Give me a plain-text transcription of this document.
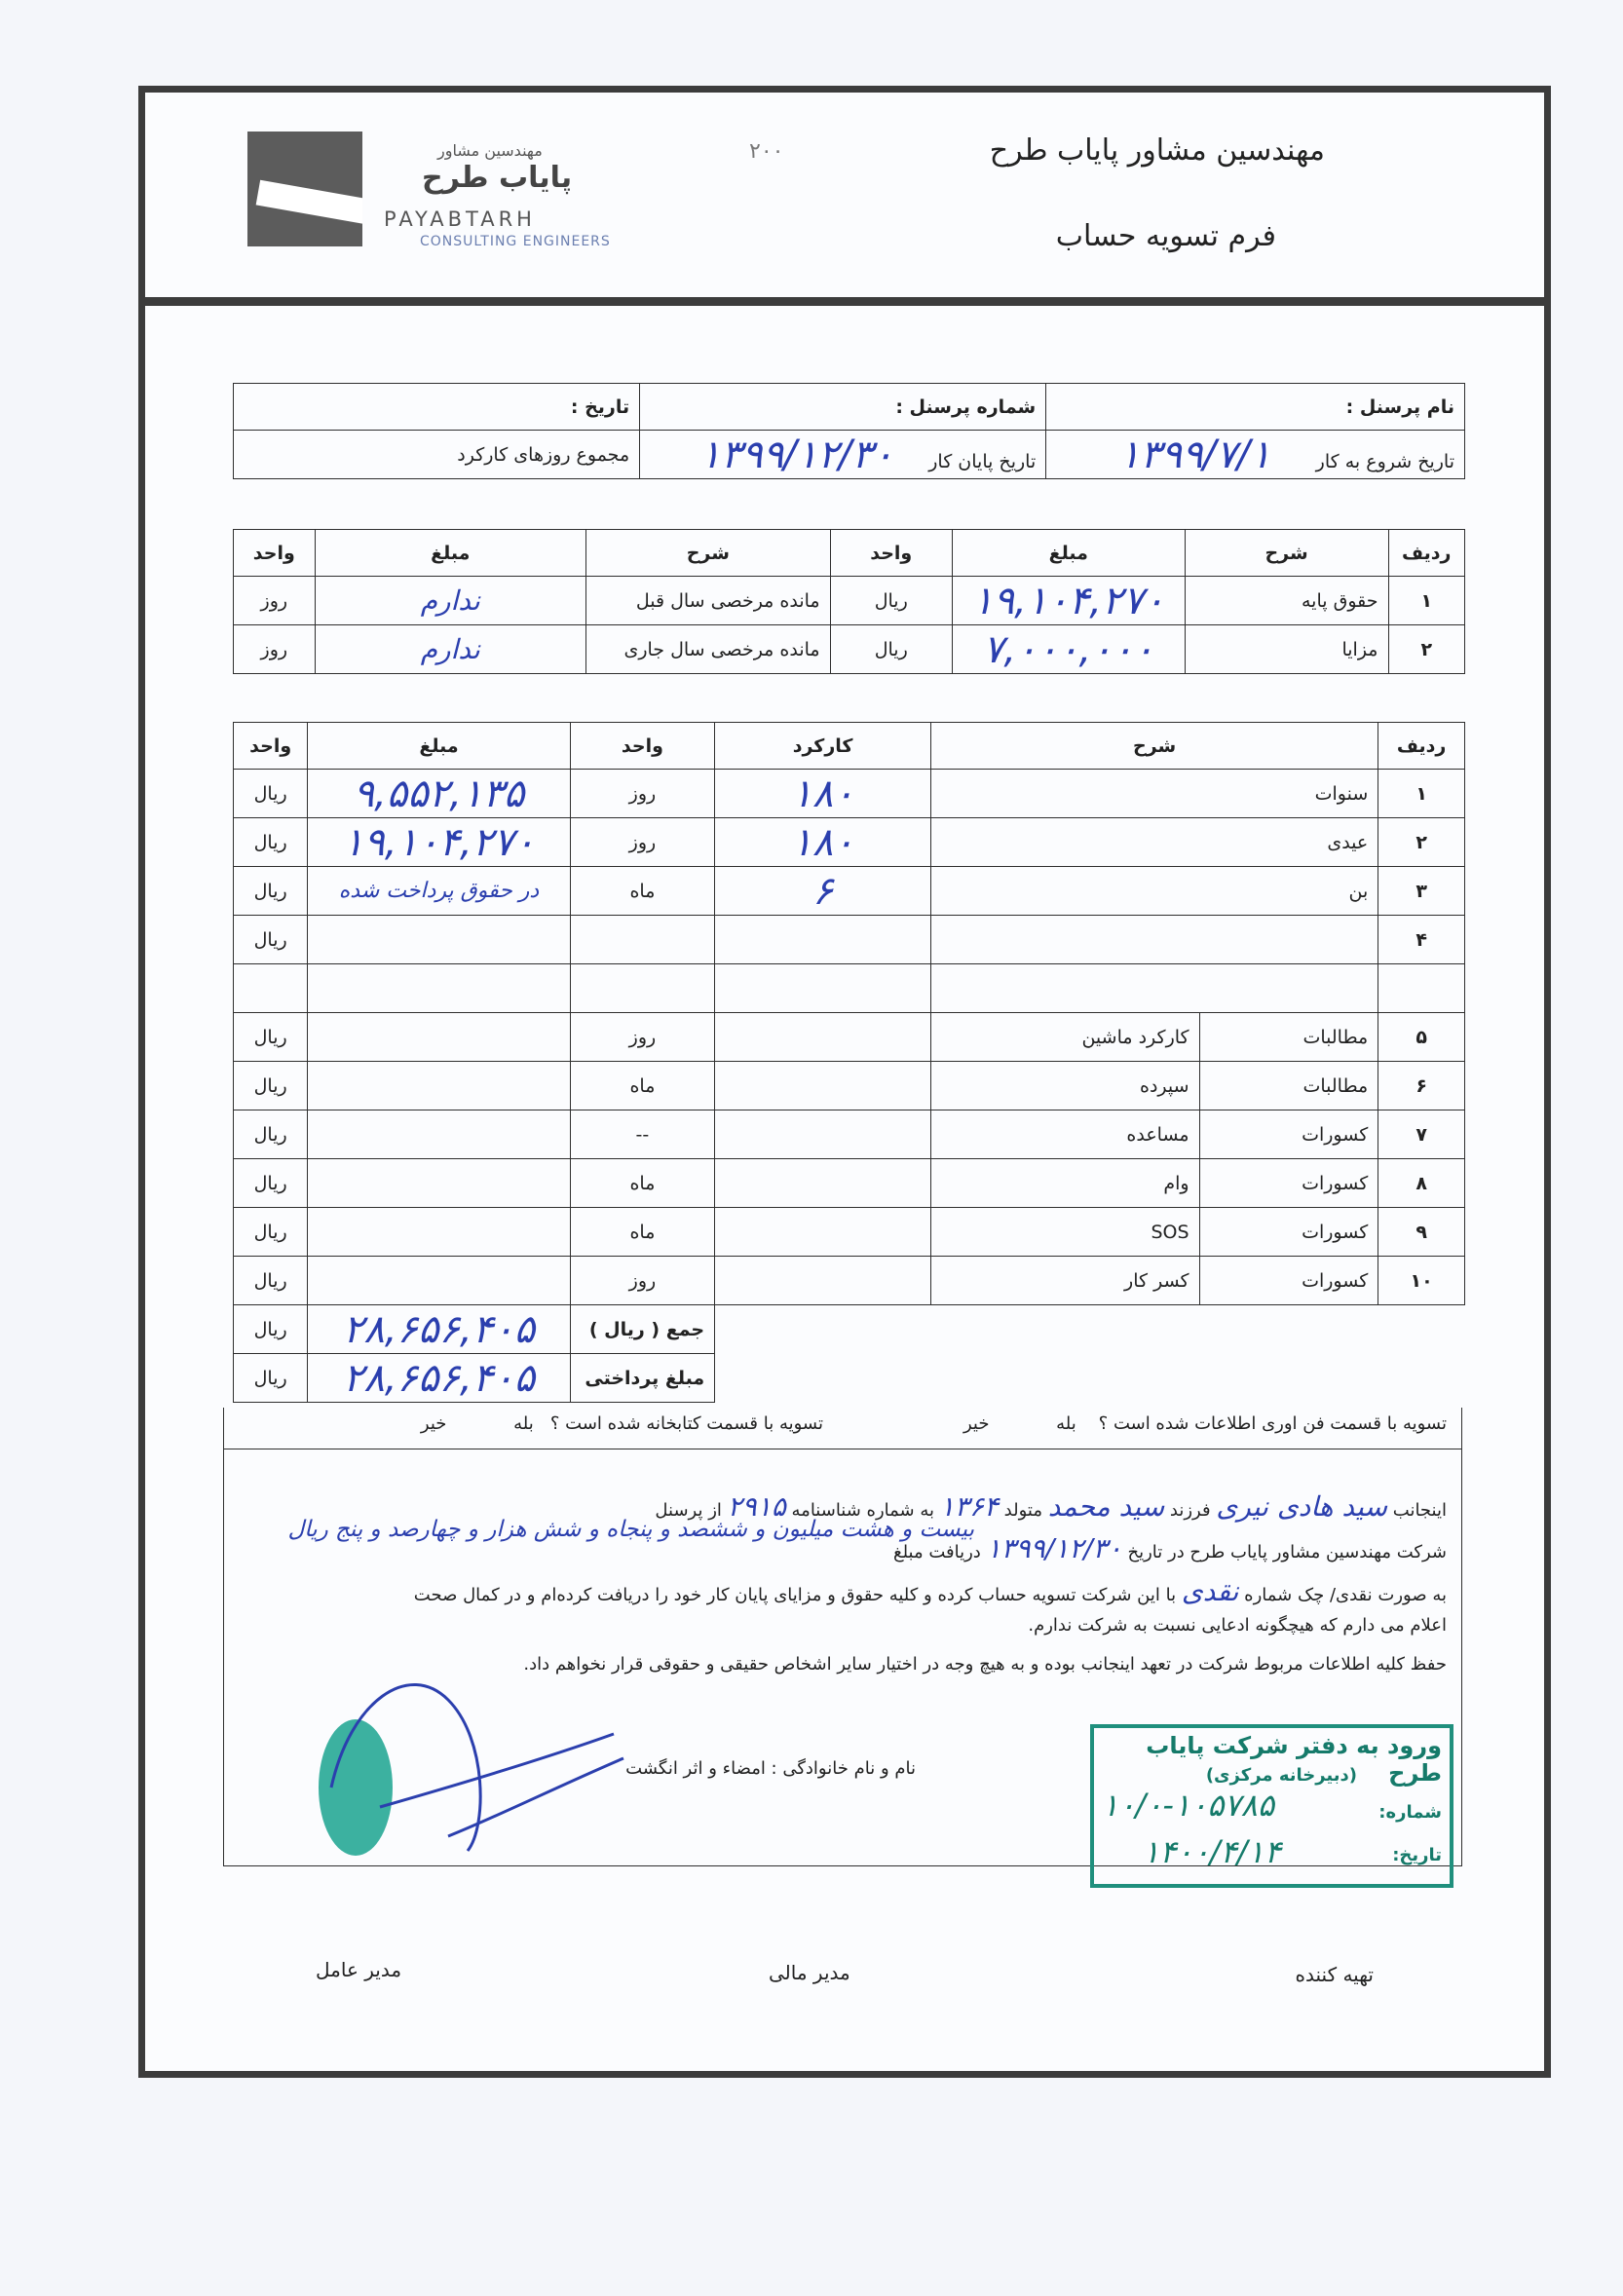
مهندسین مشاور
پایاب طرح
PAYABTARH
CONSULTING ENGINEERS
۲۰۰	مهندسین مشاور پایاب طرح
فرم تسویه حساب
نام پرسنل :	شماره پرسنل :	تاریخ :
تاریخ شروع به کار ۱۳۹۹/۷/۱	تاریخ پایان کار ۱۳۹۹/۱۲/۳۰	مجموع روزهای کارکرد
ردیف	شرح	مبلغ	واحد	شرح	مبلغ	واحد
۱	حقوق پایه	۱۹,۱۰۴,۲۷۰	ریال	مانده مرخصی سال قبل	ندارم	روز
۲	مزایا	۷,۰۰۰,۰۰۰	ریال	مانده مرخصی سال جاری	ندارم	روز
ردیف	شرح		کارکرد	واحد	مبلغ	واحد
۱	سنوات		۱۸۰	روز	۹,۵۵۲,۱۳۵	ریال
۲	عیدی		۱۸۰	روز	۱۹,۱۰۴,۲۷۰	ریال
۳	بن		۶	ماه	در حقوق پرداخت شده	ریال
۴						ریال

۵	مطالبات	کارکرد ماشین		روز		ریال
۶	مطالبات	سپرده		ماه		ریال
۷	کسورات	مساعده		--		ریال
۸	کسورات	وام		ماه		ریال
۹	کسورات	SOS		ماه		ریال
۱۰	کسورات	کسر کار		روز		ریال
				جمع ( ریال )	۲۸,۶۵۶,۴۰۵	ریال
				مبلغ پرداختی	۲۸,۶۵۶,۴۰۵	ریال

تسویه با قسمت فن اوری اطلاعات شده است ؟    بله            خیر

تسویه با قسمت کتابخانه شده است ؟   بله            خیر

اینجانب سید هادی نیری فرزند سید محمد متولد ۱۳۶۴ به شماره شناسنامه ۲۹۱۵ از پرسنل

شرکت مهندسین مشاور پایاب طرح در تاریخ ۱۳۹۹/۱۲/۳۰ دریافت مبلغ

بیست و هشت میلیون و ششصد و پنجاه و شش هزار و چهارصد و پنج ریال

به صورت نقدی/ چک شماره نقدی با این شرکت تسویه حساب کرده و کلیه حقوق و مزایای پایان کار خود را دریافت کرده‌ام و در کمال صحت

اعلام می دارم که هیچگونه ادعایی نسبت به شرکت ندارم.

حفظ کلیه اطلاعات مربوط شرکت در تعهد اینجانب بوده و به هیچ وجه در اختیار سایر اشخاص حقیقی و حقوقی قرار نخواهم داد.

نام و نام خانوادگی : امضاء و اثر انگشت

ورود به دفتر شرکت پایاب طرح
(دبیرخانه مرکزی)
شماره:
تاریخ:
۱۰/۰-۱۰۵۷۸۵
۱۴۰۰/۴/۱۴
تهیه کننده
مدیر مالی
مدیر عامل
